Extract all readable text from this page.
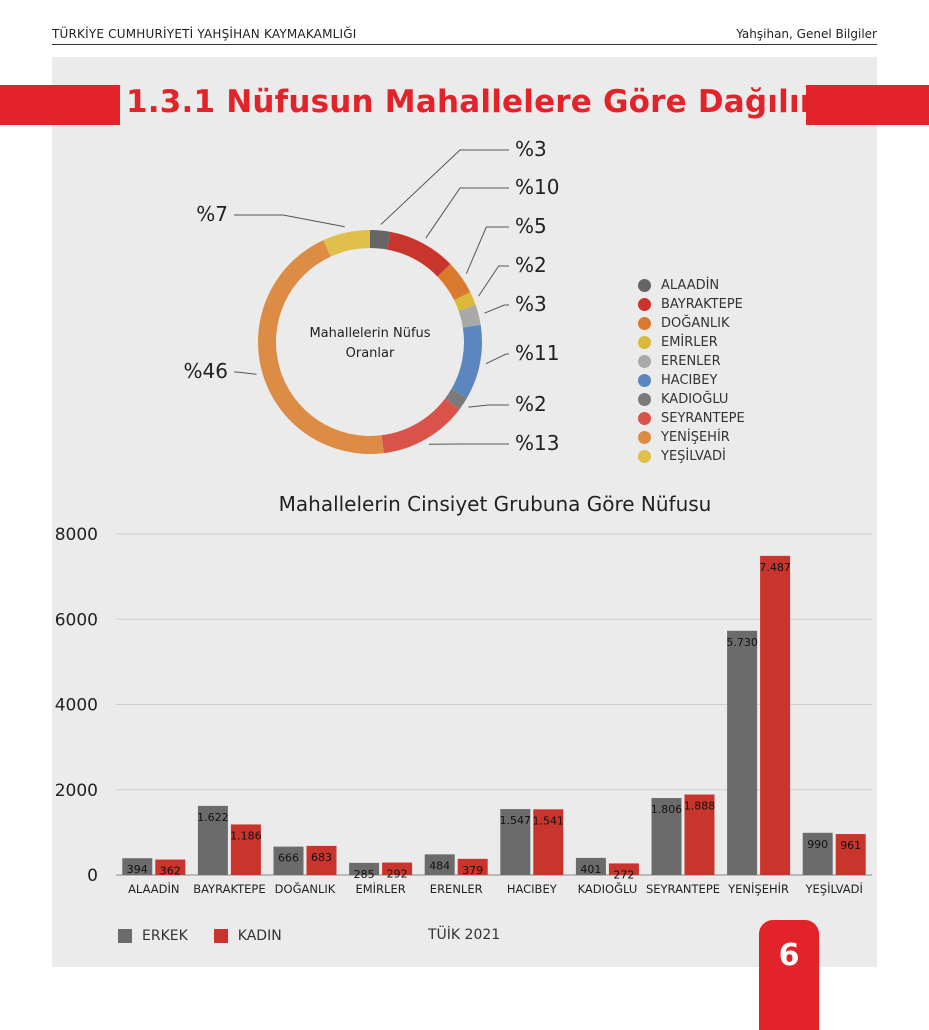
TÜRKİYE CUMHURİYETİ YAHŞİHAN KAYMAKAMLIĞI	Yahşihan, Genel Bilgiler
1.3.1 Nüfusun Mahallelere Göre Dağılımı
%3
%10
%5
%2
%3
%11
%2
%13
%46
%7
Mahallelerin Nüfus
Oranlar
0
2000
4000
6000
8000
394 362
ALAADİN
1.622
1.186
BAYRAKTEPE
666 683
DOĞANLIK
285 292
EMİRLER
484 379
ERENLER
1.547 1.541
HACIBEY
401 272
KADIOĞLU
1.806 1.888
SEYRANTEPE
5.730
7.487
YENİŞEHİR
990 961
YEŞİLVADİ
ALAADİN
BAYRAKTEPE
DOĞANLIK
EMİRLER
ERENLER
HACIBEY
KADIOĞLU
SEYRANTEPE
YENİŞEHİR
YEŞİLVADİ
Mahallelerin Cinsiyet Grubuna Göre Nüfusu
ERKEK	KADIN	TÜİK 2021
6
